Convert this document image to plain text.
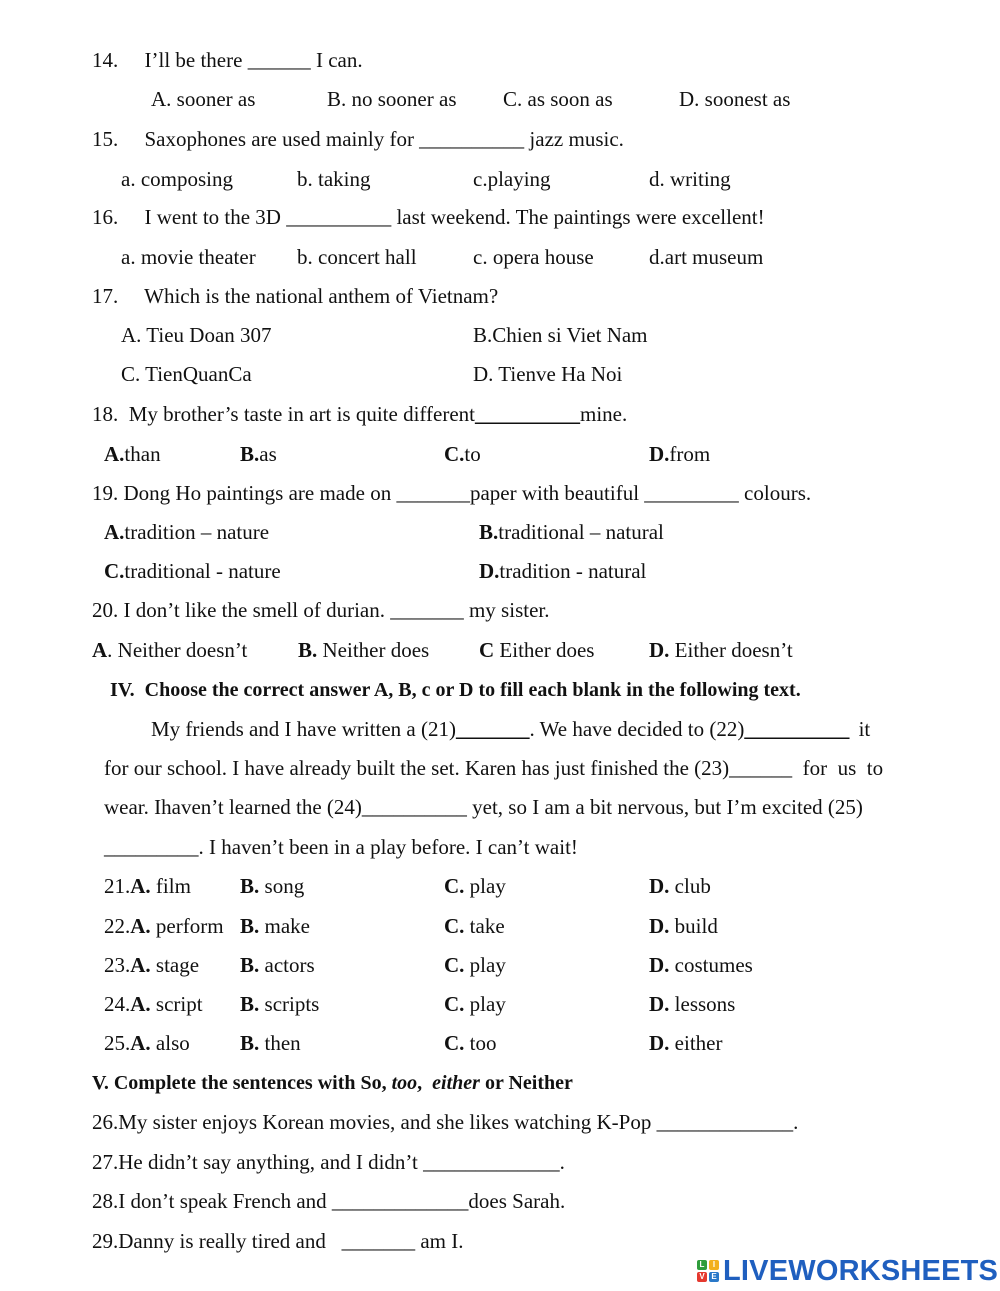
14.     I’ll be there ______ I can.
A. sooner as	B. no sooner as C. as soon as	D. soonest as
15.     Saxophones are used mainly for __________ jazz music.
a. composing	b. taking	c.playing	d. writing
16.     I went to the 3D __________ last weekend. The paintings were excellent!
a. movie theater b. concert hall	c. opera house	d.art museum
17.     Which is the national anthem of Vietnam?
A. Tieu Doan 307	B.Chien si Viet Nam
C. TienQuanCa	D. Tienve Ha Noi
18.  My brother’s taste in art is quite different__________mine.
A.than	B.as	C.to	D.from
19. Dong Ho paintings are made on _______paper with beautiful _________ colours.
A.tradition – nature	B.traditional – natural
C.traditional - nature	D.tradition - natural
20. I don’t like the smell of durian. _______ my sister.
A. Neither doesn’t B. Neither does C Either does	D. Either doesn’t
IV.  Choose the correct answer A, B, c or D to fill each blank in the following text.
My friends and I have written a (21)_______. We have decided to (22)__________ it
for our school. I have already built the set. Karen has just finished the (23)______  for  us  to
wear. Ihaven’t learned the (24)__________ yet, so I am a bit nervous, but I’m excited (25)
_________. I haven’t been in a play before. I can’t wait!
21.A. film B. song	C. play	D. club
22.A. perform B. make	C. take	D. build
23.A. stage B. actors	C. play	D. costumes
24.A. script B. scripts	C. play	D. lessons
25.A. also B. then	C. too	D. either
V. Complete the sentences with So, too,  either or Neither
26.My sister enjoys Korean movies, and she likes watching K-Pop _____________.
27.He didn’t say anything, and I didn’t _____________.
28.I don’t speak French and _____________does Sarah.
29.Danny is really tired and   _______ am I.
L	I
V E LIVEWORKSHEETS
